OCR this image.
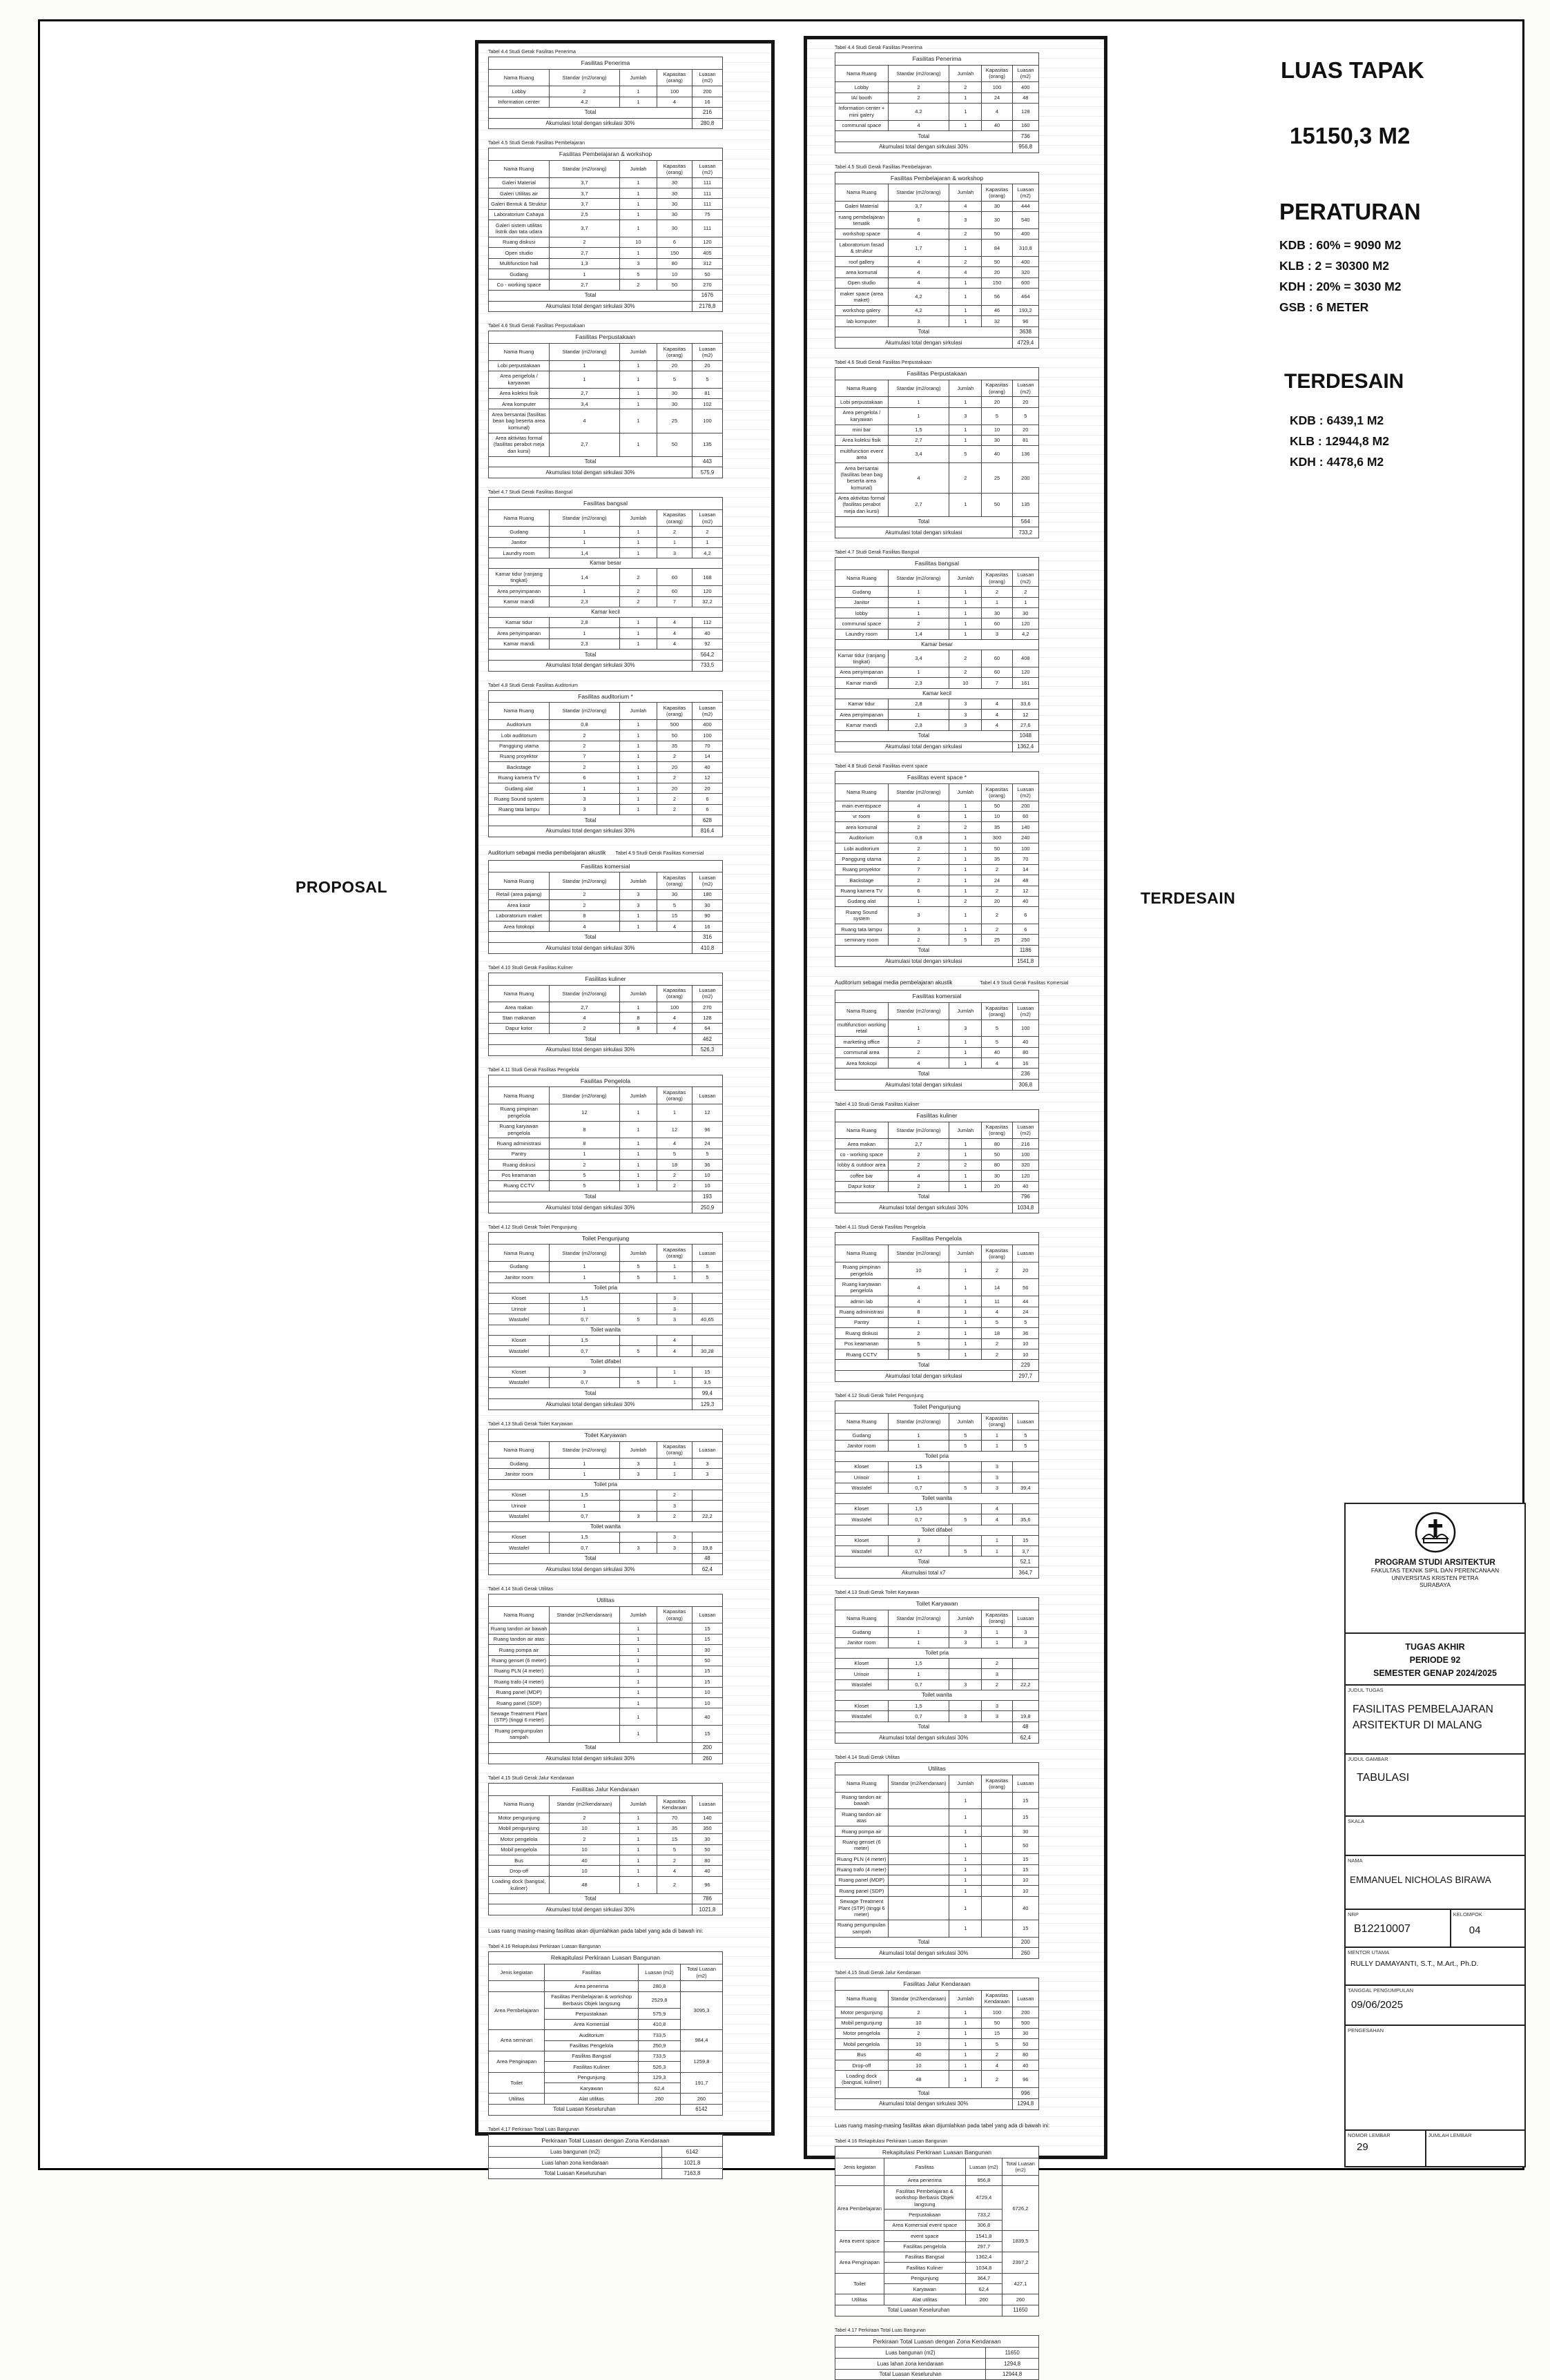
PROPOSAL
TERDESAIN
Tabel 4.4 Studi Gerak Fasilitas Penerima
Fasilitas Penerima				
Nama Ruang	Standar (m2/orang)	Jumlah	Kapasitas (orang)	Luasan (m2)
Lobby	2	1	100	200
Information center	4.2	1	4	16
Total				216
Akumulasi total dengan sirkulasi 30%				280,8
Tabel 4.5 Studi Gerak Fasilitas Pembelajaran
Fasilitas Pembelajaran & workshop				
Nama Ruang	Standar (m2/orang)	Jumlah	Kapasitas (orang)	Luasan (m2)
Galeri Material	3,7	1	30	111
Galeri Utilitas air	3,7	1	30	111
Galeri Bentuk & Struktur	3,7	1	30	111
Laboratorium Cahaya	2,5	1	30	75
Galeri sistem utilitas listrik dan tata udara	3,7	1	30	111
Ruang diskusi	2	10	6	120
Open studio	2,7	1	150	405
Multifunction hall	1,3	3	80	312
Gudang	1	5	10	50
Co - working space	2,7	2	50	270
Total				1676
Akumulasi total dengan sirkulasi 30%				2178,8
Tabel 4.6 Studi Gerak Fasilitas Perpustakaan
Fasilitas Perpustakaan				
Nama Ruang	Standar (m2/orang)	Jumlah	Kapasitas (orang)	Luasan (m2)
Lobi perpustakaan	1	1	20	20
Area pengelola / karyawan	1	1	5	5
Area koleksi fisik	2,7	1	30	81
Area komputer	3,4	1	30	102
Area bersantai (fasilitas bean bag beserta area komunal)	4	1	25	100
Area aktivitas formal (fasilitas perabot meja dan kursi)	2,7	1	50	135
Total				443
Akumulasi total dengan sirkulasi 30%				575,9
Tabel 4.7 Studi Gerak Fasilitas Bangsal
Fasilitas bangsal				
Nama Ruang	Standar (m2/orang)	Jumlah	Kapasitas (orang)	Luasan (m2)
Gudang	1	1	2	2
Janitor	1	1	1	1
Laundry room	1,4	1	3	4,2
Kamar besar				
Kamar tidur (ranjang tingkat)	1,4	2	60	168
Area penyimpanan	1	2	60	120
Kamar mandi	2,3	2	7	32,2
Kamar kecil				
Kamar tidur	2,8	1	4	112
Area penyimpanan	1	1	4	40
Kamar mandi	2,3	1	4	92
Total				564,2
Akumulasi total dengan sirkulasi 30%				733,5
Tabel 4.8 Studi Gerak Fasilitas Auditorium
Fasilitas auditorium *				
Nama Ruang	Standar (m2/orang)	Jumlah	Kapasitas (orang)	Luasan (m2)
Auditorium	0,8	1	500	400
Lobi auditorium	2	1	50	100
Panggung utama	2	1	35	70
Ruang proyektor	7	1	2	14
Backstage	2	1	20	40
Ruang kamera TV	6	1	2	12
Gudang alat	1	1	20	20
Ruang Sound system	3	1	2	6
Ruang tata lampu	3	1	2	6
Total				628
Akumulasi total dengan sirkulasi 30%				816,4
Auditorium sebagai media pembelajaran akustik Tabel 4.9 Studi Gerak Fasilitas Komersial
Fasilitas komersial				
Nama Ruang	Standar (m2/orang)	Jumlah	Kapasitas (orang)	Luasan (m2)
Retail (area pajang)	2	3	30	180
Area kasir	2	3	5	30
Laboratorium maket	8	1	15	90
Area fotokopi	4	1	4	16
Total				316
Akumulasi total dengan sirkulasi 30%				410,8
Tabel 4.10 Studi Gerak Fasilitas Kuliner
Fasilitas kuliner				
Nama Ruang	Standar (m2/orang)	Jumlah	Kapasitas (orang)	Luasan (m2)
Area makan	2,7	1	100	270
Stan makanan	4	8	4	128
Dapur kotor	2	8	4	64
Total				462
Akumulasi total dengan sirkulasi 30%				526,3
Tabel 4.11 Studi Gerak Fasilitas Pengelola
Fasilitas Pengelola				
Nama Ruang	Standar (m2/orang)	Jumlah	Kapasitas (orang)	Luasan
Ruang pimpinan pengelola	12	1	1	12
Ruang karyawan pengelola	8	1	12	96
Ruang administrasi	8	1	4	24
Pantry	1	1	5	5
Ruang diskusi	2	1	18	36
Pos keamanan	5	1	2	10
Ruang CCTV	5	1	2	10
Total				193
Akumulasi total dengan sirkulasi 30%				250,9
Tabel 4.12 Studi Gerak Toilet Pengunjung
Toilet Pengunjung				
Nama Ruang	Standar (m2/orang)	Jumlah	Kapasitas (orang)	Luasan
Gudang	1	5	1	5
Janitor room	1	5	1	5
Toilet pria				
Kloset	1,5		3	
Urinoir	1		3	
Wastafel	0,7	5	3	40,65
Toilet wanita				
Kloset	1,5		4	
Wastafel	0,7	5	4	30,28
Toilet difabel				
Kloset	3		1	15
Wastafel	0,7	5	1	3,5
Total				99,4
Akumulasi total dengan sirkulasi 30%				129,3
Tabel 4.13 Studi Gerak Toilet Karyawan
Toilet Karyawan				
Nama Ruang	Standar (m2/orang)	Jumlah	Kapasitas (orang)	Luasan
Gudang	1	3	1	3
Janitor room	1	3	1	3
Toilet pria				
Kloset	1,5		2	
Urinoir	1		3	
Wastafel	0,7	3	2	22,2
Toilet wanita				
Kloset	1,5		3	
Wastafel	0,7	3	3	19,8
Total				48
Akumulasi total dengan sirkulasi 30%				62,4
Tabel 4.14 Studi Gerak Utilitas
Utilitas				
Nama Ruang	Standar (m2/kendaraan)	Jumlah	Kapasitas (orang)	Luasan
Ruang tandon air bawah		1		15
Ruang tandon air atas		1		15
Ruang pompa air		1		30
Ruang genset (6 meter)		1		50
Ruang PLN (4 meter)		1		15
Ruang trafo (4 meter)		1		15
Ruang panel (MDP)		1		10
Ruang panel (SDP)		1		10
Sewage Treatment Plant (STP) (tinggi 6 meter)		1		40
Ruang pengumpulan sampah		1		15
Total				200
Akumulasi total dengan sirkulasi 30%				260
Tabel 4.15 Studi Gerak Jalur Kendaraan
Fasilitas Jalur Kendaraan				
Nama Ruang	Standar (m2/kendaraan)	Jumlah	Kapasitas Kendaraan	Luasan
Motor pengunjung	2	1	70	140
Mobil pengunjung	10	1	35	350
Motor pengelola	2	1	15	30
Mobil pengelola	10	1	5	50
Bus	40	1	2	80
Drop-off	10	1	4	40
Loading dock (bangsal, kuliner)	48	1	2	96
Total				786
Akumulasi total dengan sirkulasi 30%				1021,8
Luas ruang masing-masing fasilitas akan dijumlahkan pada tabel yang ada di bawah ini:Tabel 4.16 Rekapitulasi Perkiraan Luasan Bangunan
Rekapitulasi Perkiraan Luasan Bangunan			
Jenis kegiatan	Fasilitas	Luasan (m2)	Total Luasan (m2)
	Area penerima	280,8	
Area Pembelajaran	Fasilitas Pembelajaran & workshop Berbasis Objek langsung	2529,8	3095,3
	Perpustakaan	575,9	
	Area Komersial	410,8	
Area seminari	Auditorium	733,5	984,4
	Fasilitas Pengelola	250,9	
Area Penginapan	Fasilitas Bangsal	733,5	1259,8
	Fasilitas Kuliner	526,3	
Toilet	Pengunjung	129,3	191,7
	Karyawan	62,4	
Utilitas	Alat utilitas	260	260
Total Luasan Keseluruhan			6142
Tabel 4.17 Perkiraan Total Luas Bangunan
Perkiraan Total Luasan dengan Zona Kendaraan	
Luas bangunan (m2)	6142
Luas lahan zona kendaraan	1021,8
Total Luasan Keseluruhan	7163,8
Tabel 4.4 Studi Gerak Fasilitas Penerima
Fasilitas Penerima				
Nama Ruang	Standar (m2/orang)	Jumlah	Kapasitas (orang)	Luasan (m2)
Lobby	2	2	100	400
IAI booth	2	1	24	48
Information center + mini galery	4.2	1	4	128
communal space	4	1	40	160
Total				736
Akumulasi total dengan sirkulasi 30%				956,8
Tabel 4.5 Studi Gerak Fasilitas Pembelajaran
Fasilitas Pembelajaran & workshop				
Nama Ruang	Standar (m2/orang)	Jumlah	Kapasitas (orang)	Luasan (m2)
Galeri Material	3,7	4	30	444
ruang pembelajaran tematik	6	3	30	540
workshop space	4	2	50	400
Laboratorium fasad & struktur	1,7	1	84	310,8
roof gallery	4	2	50	400
area komunal	4	4	20	320
Open studio	4	1	150	600
maker space (area maket)	4,2	1	56	464
workshop galery	4,2	1	46	193,2
lab komputer	3	1	32	96
Total				3638
Akumulasi total dengan sirkulasi				4729,4
Tabel 4.6 Studi Gerak Fasilitas Perpustakaan
Fasilitas Perpustakaan				
Nama Ruang	Standar (m2/orang)	Jumlah	Kapasitas (orang)	Luasan (m2)
Lobi perpustakaan	1	1	20	20
Area pengelola / karyawan	1	3	5	5
mini bar	1,5	1	10	20
Area koleksi fisik	2,7	1	30	81
multifunction event area	3,4	5	40	136
Area bersantai (fasilitas bean bag beserta area komunal)	4	2	25	200
Area aktivitas formal (fasilitas perabot meja dan kursi)	2,7	1	50	135
Total				564
Akumulasi total dengan sirkulasi				733,2
Tabel 4.7 Studi Gerak Fasilitas Bangsal
Fasilitas bangsal				
Nama Ruang	Standar (m2/orang)	Jumlah	Kapasitas (orang)	Luasan (m2)
Gudang	1	1	2	2
Janitor	1	1	1	1
lobby	1	1	30	30
communal space	2	1	60	120
Laundry room	1,4	1	3	4,2
Kamar besar				
Kamar tidur (ranjang tingkat)	3,4	2	60	408
Area penyimpanan	1	2	60	120
Kamar mandi	2,3	10	7	161
Kamar kecil				
Kamar tidur	2,8	3	4	33,6
Area penyimpanan	1	3	4	12
Kamar mandi	2,3	3	4	27,6
Total				1048
Akumulasi total dengan sirkulasi				1362,4
Tabel 4.8 Studi Gerak Fasilitas event space
Fasilitas event space *				
Nama Ruang	Standar (m2/orang)	Jumlah	Kapasitas (orang)	Luasan (m2)
main eventspace	4	1	50	200
vr room	6	1	10	60
area komunal	2	2	35	140
Auditorium	0,8	1	300	240
Lobi auditorium	2	1	50	100
Panggung utama	2	1	35	70
Ruang proyektor	7	1	2	14
Backstage	2	1	24	48
Ruang kamera TV	6	1	2	12
Gudang alat	1	2	20	40
Ruang Sound system	3	1	2	6
Ruang tata lampu	3	1	2	6
seminary room	2	5	25	250
Total				1186
Akumulasi total dengan sirkulasi				1541,8
Auditorium sebagai media pembelajaran akustik	Tabel 4.9 Studi Gerak Fasilitas Komersial
Fasilitas komersial				
Nama Ruang	Standar (m2/orang)	Jumlah	Kapasitas (orang)	Luasan (m2)
multifunction working retail	1	3	5	100
marketing office	2	1	5	40
communal area	2	1	40	80
Area fotokopi	4	1	4	16
Total				236
Akumulasi total dengan sirkulasi				306,8
Tabel 4.10 Studi Gerak Fasilitas Kuliner
Fasilitas kuliner				
Nama Ruang	Standar (m2/orang)	Jumlah	Kapasitas (orang)	Luasan (m2)
Area makan	2,7	1	80	216
co - working space	2	1	50	100
lobby & outdoor area	2	2	80	320
coffee bar	4	1	30	120
Dapur kotor	2	1	20	40
Total				796
Akumulasi total dengan sirkulasi 30%				1034,8
Tabel 4.11 Studi Gerak Fasilitas Pengelola
Fasilitas Pengelola				
Nama Ruang	Standar (m2/orang)	Jumlah	Kapasitas (orang)	Luasan
Ruang pimpinan pengelola	10	1	2	20
Ruang karyawan pengelola	4	1	14	56
admin lab	4	1	11	44
Ruang administrasi	8	1	4	24
Pantry	1	1	5	5
Ruang diskusi	2	1	18	36
Pos keamanan	5	1	2	10
Ruang CCTV	5	1	2	10
Total				229
Akumulasi total dengan sirkulasi				297,7
Tabel 4.12 Studi Gerak Toilet Pengunjung
Toilet Pengunjung				
Nama Ruang	Standar (m2/orang)	Jumlah	Kapasitas (orang)	Luasan
Gudang	1	5	1	5
Janitor room	1	5	1	5
Toilet pria				
Kloset	1,5		3	
Urinoir	1		3	
Wastafel	0,7	5	3	39,4
Toilet wanita				
Kloset	1,5		4	
Wastafel	0,7	5	4	35,6
Toilet difabel				
Kloset	3		1	15
Wastafel	0,7	5	1	3,7
Total				52,1
Akumulasi total x7				364,7
Tabel 4.13 Studi Gerak Toilet Karyawan
Toilet Karyawan				
Nama Ruang	Standar (m2/orang)	Jumlah	Kapasitas (orang)	Luasan
Gudang	1	3	1	3
Janitor room	1	3	1	3
Toilet pria				
Kloset	1,5		2	
Urinoir	1		3	
Wastafel	0,7	3	2	22,2
Toilet wanita				
Kloset	1,5		3	
Wastafel	0,7	3	3	19,8
Total				48
Akumulasi total dengan sirkulasi 30%				62,4
Tabel 4.14 Studi Gerak Utilitas
Utilitas				
Nama Ruang	Standar (m2/kendaraan)	Jumlah	Kapasitas (orang)	Luasan
Ruang tandon air bawah		1		15
Ruang tandon air atas		1		15
Ruang pompa air		1		30
Ruang genset (6 meter)		1		50
Ruang PLN (4 meter)		1		15
Ruang trafo (4 meter)		1		15
Ruang panel (MDP)		1		10
Ruang panel (SDP)		1		10
Sewage Treatment Plant (STP) (tinggi 6 meter)		1		40
Ruang pengumpulan sampah		1		15
Total				200
Akumulasi total dengan sirkulasi 30%				260
Tabel 4.15 Studi Gerak Jalur Kendaraan
Fasilitas Jalur Kendaraan				
Nama Ruang	Standar (m2/kendaraan)	Jumlah	Kapasitas Kendaraan	Luasan
Motor pengunjung	2	1	100	200
Mobil pengunjung	10	1	50	500
Motor pengelola	2	1	15	30
Mobil pengelola	10	1	5	50
Bus	40	1	2	80
Drop-off	10	1	4	40
Loading dock (bangsal, kuliner)	48	1	2	96
Total				996
Akumulasi total dengan sirkulasi 30%				1294,8
Luas ruang masing-masing fasilitas akan dijumlahkan pada tabel yang ada di bawah ini:Tabel 4.16 Rekapitulasi Perkiraan Luasan Bangunan
Rekapitulasi Perkiraan Luasan Bangunan			
Jenis kegiatan	Fasilitas	Luasan (m2)	Total Luasan (m2)
	Area penerima	956,8	
Area Pembelajaran	Fasilitas Pembelajaran & workshop Berbasis Objek langsung	4729,4	6726,2
	Perpustakaan	733,2	
	Area Komersial event space	306,8	
Area event space	event space	1541,8	1839,5
	Fasilitas pengelola	297,7	
Area Penginapan	Fasilitas Bangsal	1362,4	2397,2
	Fasilitas Kuliner	1034,8	
Toilet	Pengunjung	364,7	427,1
	Karyawan	62,4	
Utilitas	Alat utilitas	260	260
Total Luasan Keseluruhan			11650
Tabel 4.17 Perkiraan Total Luas Bangunan
Perkiraan Total Luasan dengan Zona Kendaraan	
Luas bangunan (m2)	11650
Luas lahan zona kendaraan	1294,8
Total Luasan Keseluruhan	12944,8
LUAS TAPAK
15150,3 M2
PERATURAN
KDB : 60% = 9090 M2
KLB : 2 = 30300 M2
KDH : 20% = 3030 M2
GSB : 6 METER
TERDESAIN
KDB : 6439,1 M2
KLB : 12944,8 M2
KDH : 4478,6 M2
PROGRAM STUDI ARSITEKTUR
FAKULTAS TEKNIK SIPIL DAN PERENCANAAN
UNIVERSITAS KRISTEN PETRA
SURABAYA
TUGAS AKHIR
PERIODE 92
SEMESTER GENAP 2024/2025
JUDUL TUGAS
FASILITAS PEMBELAJARAN ARSITEKTUR DI MALANG
JUDUL GAMBAR
TABULASI
SKALA
NAMA
EMMANUEL NICHOLAS BIRAWA
NRP
B12210007
KELOMPOK
04
MENTOR UTAMA
RULLY DAMAYANTI, S.T., M.Art., Ph.D.
TANGGAL PENGUMPULAN
09/06/2025
PENGESAHAN
NOMOR LEMBAR
29
JUMLAH LEMBAR
